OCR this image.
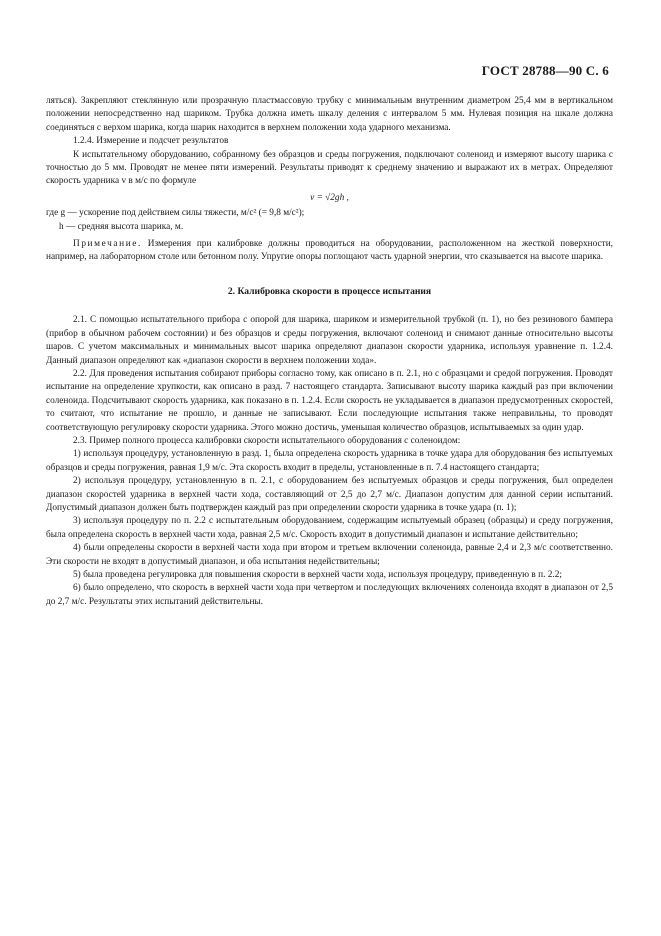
ГОСТ 28788—90 С. 6

ляться). Закрепляют стеклянную или прозрачную пластмассовую трубку с минимальным внутренним диаметром 25,4 мм в вертикальном положении непосредственно над шариком. Трубка должна иметь шкалу деления с интервалом 5 мм. Нулевая позиция на шкале должна соединяться с верхом шарика, когда шарик находится в верхнем положении хода ударного механизма.

1.2.4. Измерение и подсчет результатов

К испытательному оборудованию, собранному без образцов и среды погружения, подключают соленоид и измеряют высоту шарика с точностью до 5 мм. Проводят не менее пяти измерений. Результаты приводят к среднему значению и выражают их в метрах. Определяют скорость ударника v в м/с по формуле

v = √2gh ,

где g — ускорение под действием силы тяжести, м/с² (= 9,8 м/с²);

h — средняя высота шарика, м.

Примечание. Измерения при калибровке должны проводиться на оборудовании, расположенном на жесткой поверхности, например, на лабораторном столе или бетонном полу. Упругие опоры поглощают часть ударной энергии, что сказывается на высоте шарика.

2. Калибровка скорости в процессе испытания

2.1. С помощью испытательного прибора с опорой для шарика, шариком и измерительной трубкой (п. 1), но без резинового бампера (прибор в обычном рабочем состоянии) и без образцов и среды погружения, включают соленоид и снимают данные относительно высоты шаров. С учетом максимальных и минимальных высот шарика определяют диапазон скорости ударника, используя уравнение п. 1.2.4. Данный диапазон определяют как «диапазон скорости в верхнем положении хода».

2.2. Для проведения испытания собирают приборы согласно тому, как описано в п. 2.1, но с образцами и средой погружения. Проводят испытание на определение хрупкости, как описано в разд. 7 настоящего стандарта. Записывают высоту шарика каждый раз при включении соленоида. Подсчитывают скорость ударника, как показано в п. 1.2.4. Если скорость не укладывается в диапазон предусмотренных скоростей, то считают, что испытание не прошло, и данные не записывают. Если последующие испытания также неправильны, то проводят соответствующую регулировку скорости ударника. Этого можно достичь, уменьшая количество образцов, испытываемых за один удар.

2.3. Пример полного процесса калибровки скорости испытательного оборудования с соленоидом:

1) используя процедуру, установленную в разд. 1, была определена скорость ударника в точке удара для оборудования без испытуемых образцов и среды погружения, равная 1,9 м/с. Эта скорость входит в пределы, установленные в п. 7.4 настоящего стандарта;

2) используя процедуру, установленную в п. 2.1, с оборудованием без испытуемых образцов и среды погружения, был определен диапазон скоростей ударника в верхней части хода, составляющий от 2,5 до 2,7 м/с. Диапазон допустим для данной серии испытаний. Допустимый диапазон должен быть подтвержден каждый раз при определении скорости ударника в точке удара (п. 1);

3) используя процедуру по п. 2.2 с испытательным оборудованием, содержащим испытуемый образец (образцы) и среду погружения, была определена скорость в верхней части хода, равная 2,5 м/с. Скорость входит в допустимый диапазон и испытание действительно;

4) были определены скорости в верхней части хода при втором и третьем включении соленоида, равные 2,4 и 2,3 м/с соответственно. Эти скорости не входят в допустимый диапазон, и оба испытания недействительны;

5) была проведена регулировка для повышения скорости в верхней части хода, используя процедуру, приведенную в п. 2.2;

6) было определено, что скорость в верхней части хода при четвертом и последующих включениях соленоида входят в диапазон от 2,5 до 2,7 м/с. Результаты этих испытаний действительны.
